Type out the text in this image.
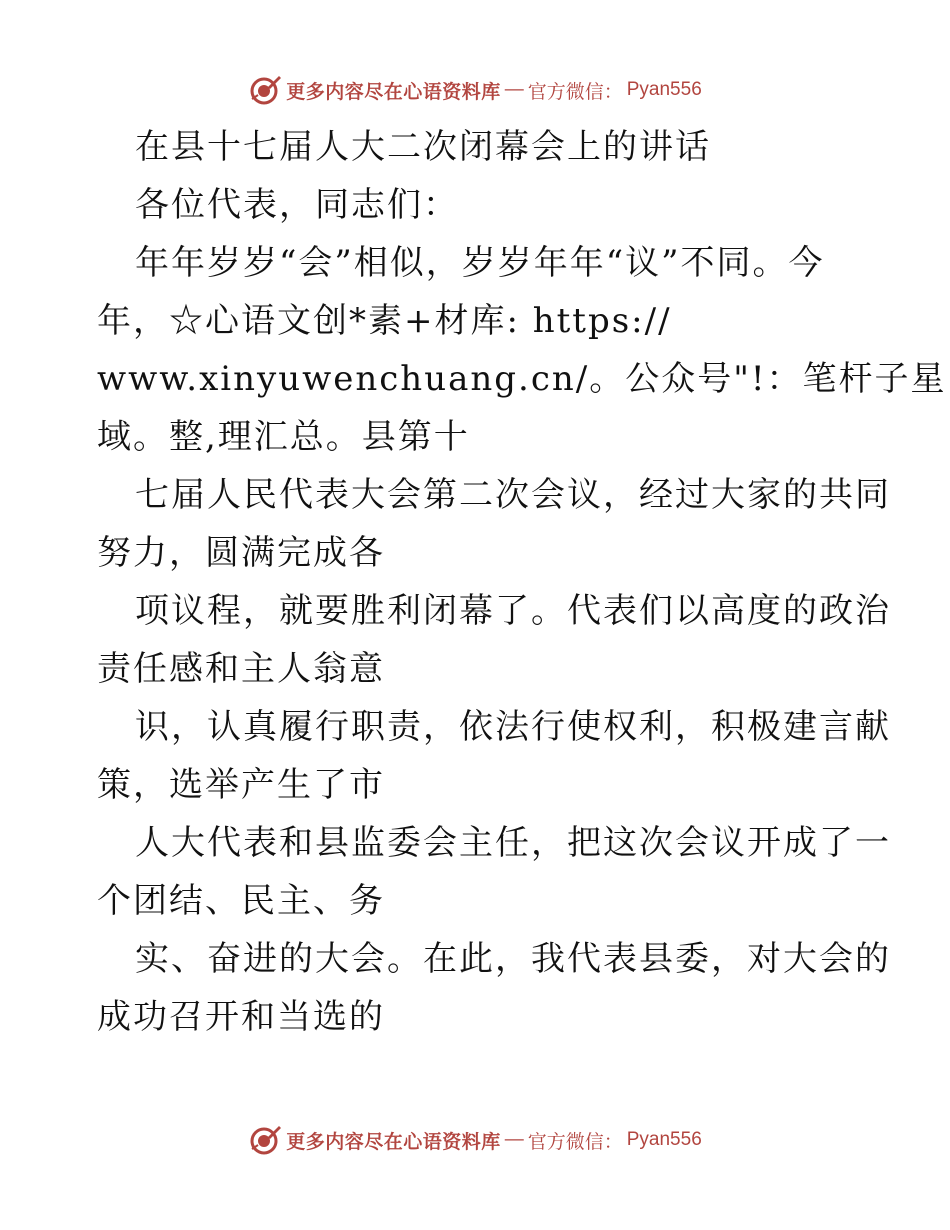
更多内容尽在心语资料库 — 官方微信： Pyan556
在县十七届人大二次闭幕会上的讲话
各位代表，同志们：
年年岁岁“会”相似，岁岁年年“议”不同。今
年，☆心语文创*素+材库: https://
www.xinyuwenchuang.cn/。公众号"!：笔杆子星
域。整,理汇总。县第十
七届人民代表大会第二次会议，经过大家的共同
努力，圆满完成各
项议程，就要胜利闭幕了。代表们以高度的政治
责任感和主人翁意
识，认真履行职责，依法行使权利，积极建言献
策，选举产生了市
人大代表和县监委会主任，把这次会议开成了一
个团结、民主、务
实、奋进的大会。在此，我代表县委，对大会的
成功召开和当选的
更多内容尽在心语资料库 — 官方微信： Pyan556
